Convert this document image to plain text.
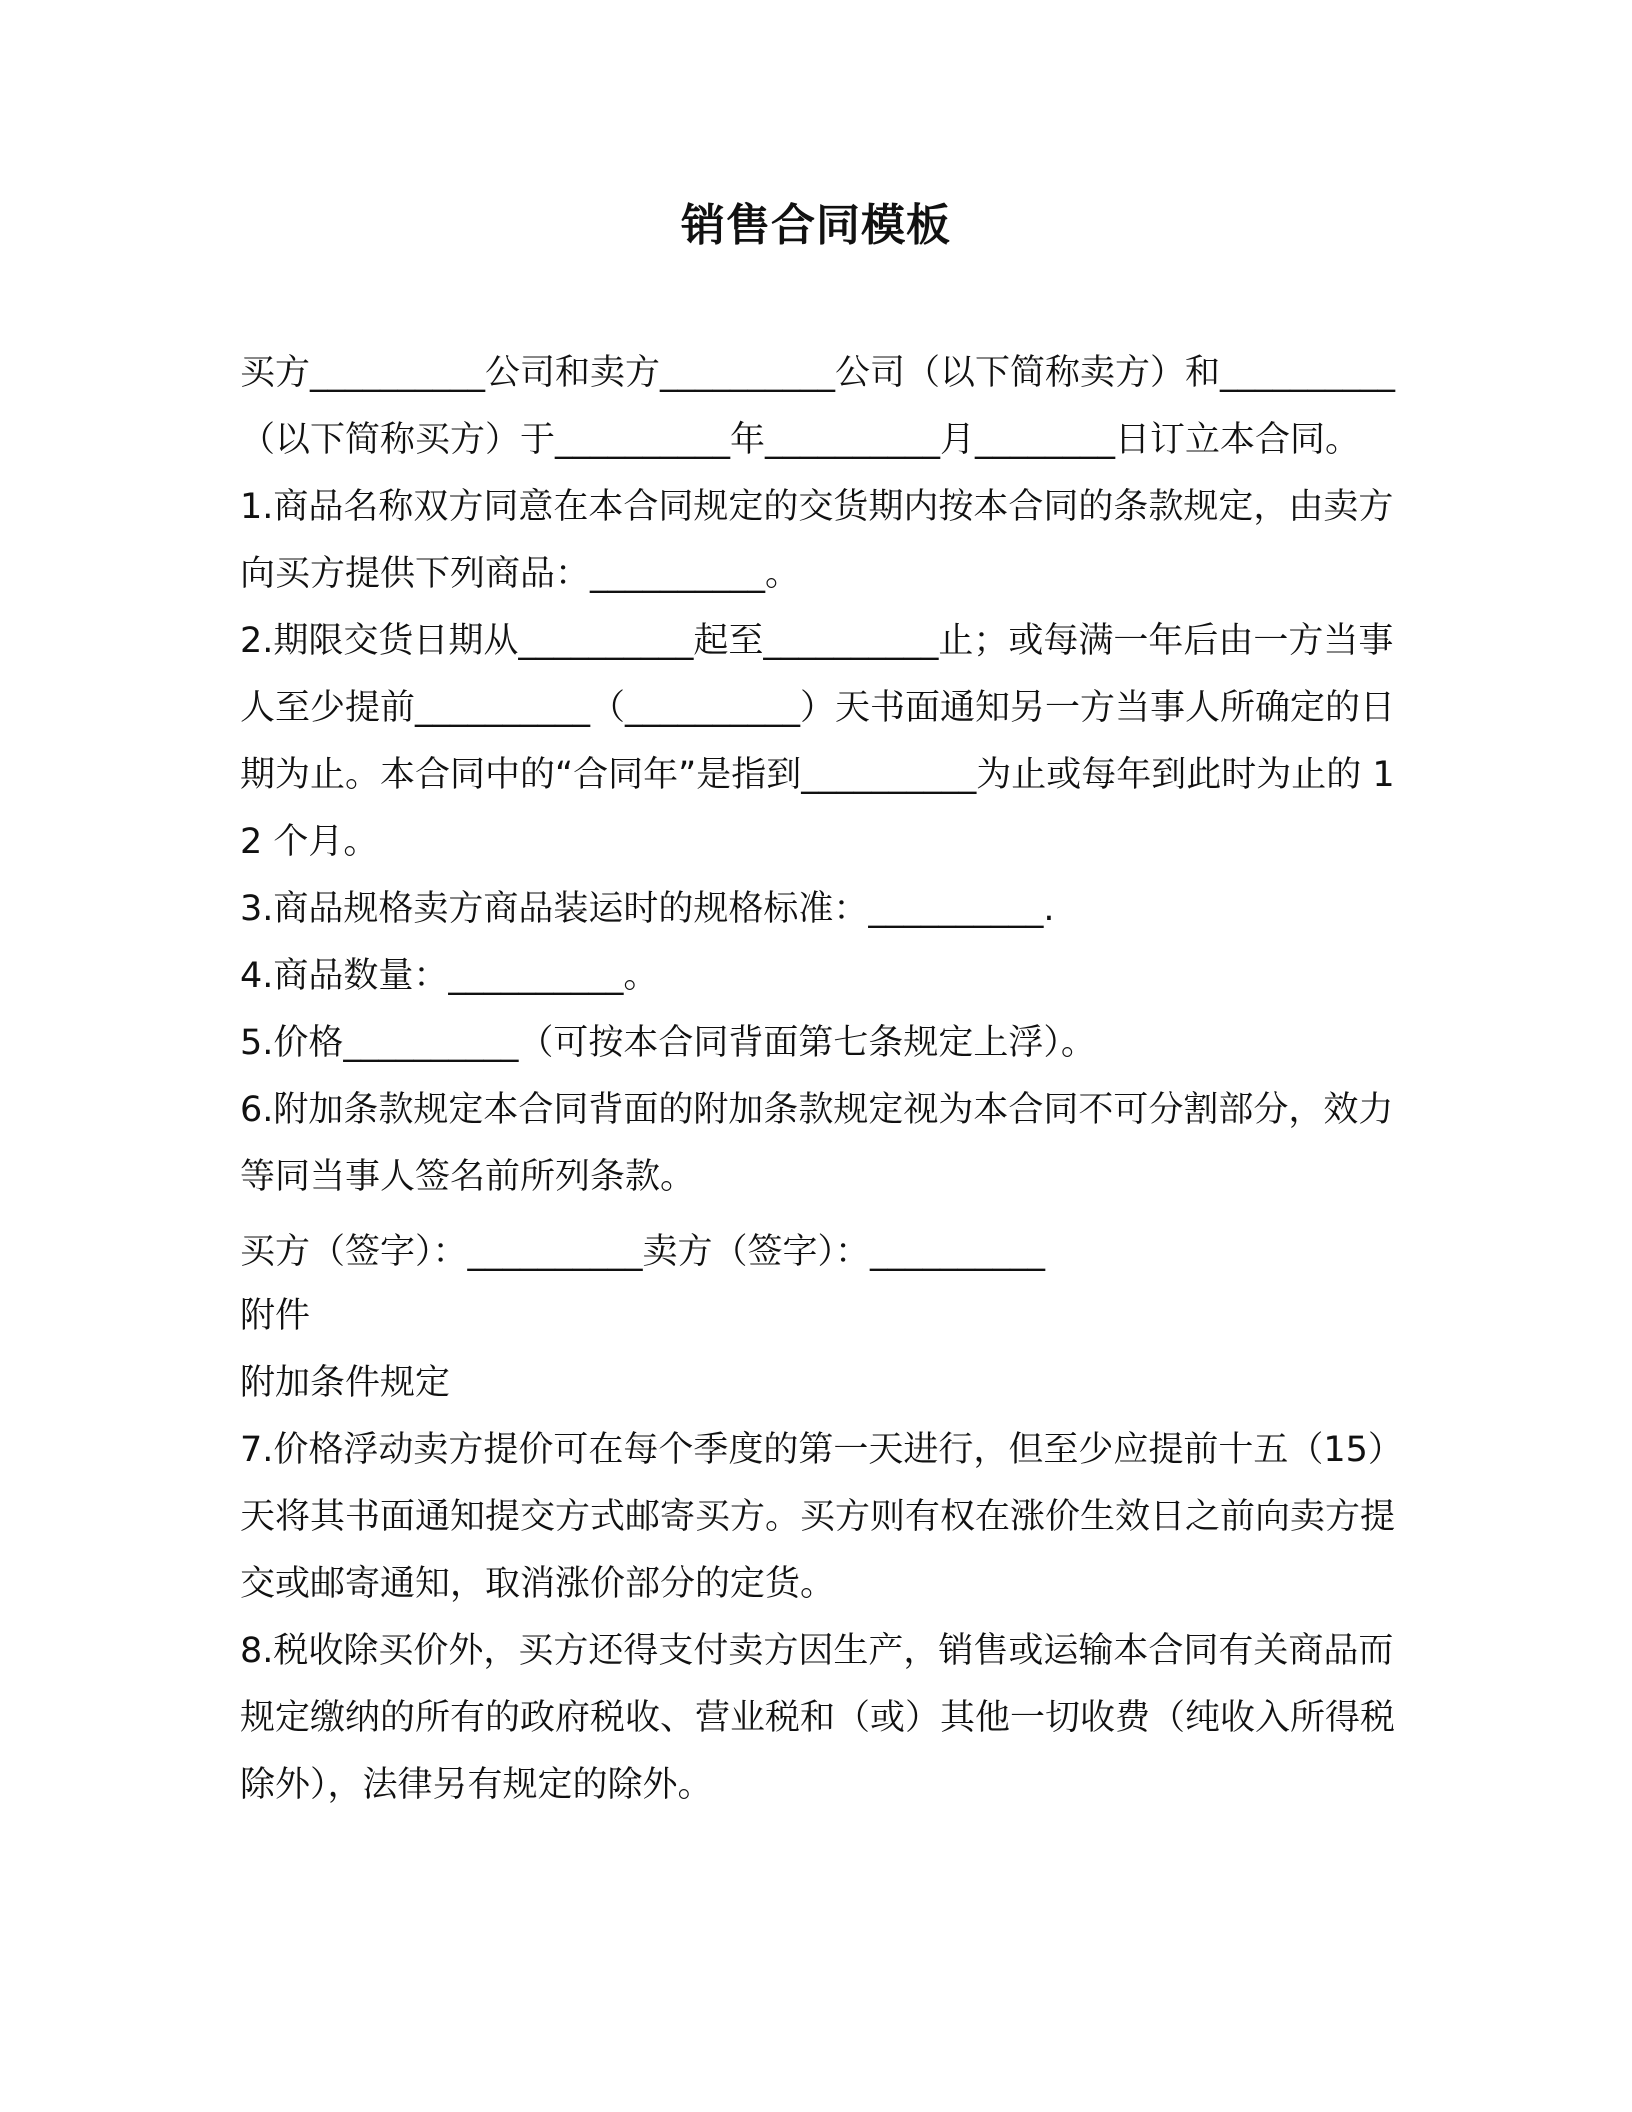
销售合同模板

买方__________公司和卖方__________公司（以下简称卖方）和__________（以下简称买方）于__________年__________月________日订立本合同。

1.商品名称双方同意在本合同规定的交货期内按本合同的条款规定，由卖方向买方提供下列商品：__________。

2.期限交货日期从__________起至__________止；或每满一年后由一方当事人至少提前__________（__________）天书面通知另一方当事人所确定的日期为止。本合同中的“合同年”是指到__________为止或每年到此时为止的 12 个月。

3.商品规格卖方商品装运时的规格标准：__________.

4.商品数量：__________。

5.价格__________（可按本合同背面第七条规定上浮）。

6.附加条款规定本合同背面的附加条款规定视为本合同不可分割部分，效力等同当事人签名前所列条款。

买方（签字）：__________卖方（签字）：__________

附件

附加条件规定

7.价格浮动卖方提价可在每个季度的第一天进行，但至少应提前十五（15）天将其书面通知提交方式邮寄买方。买方则有权在涨价生效日之前向卖方提交或邮寄通知，取消涨价部分的定货。

8.税收除买价外，买方还得支付卖方因生产，销售或运输本合同有关商品而规定缴纳的所有的政府税收、营业税和（或）其他一切收费（纯收入所得税除外），法律另有规定的除外。
